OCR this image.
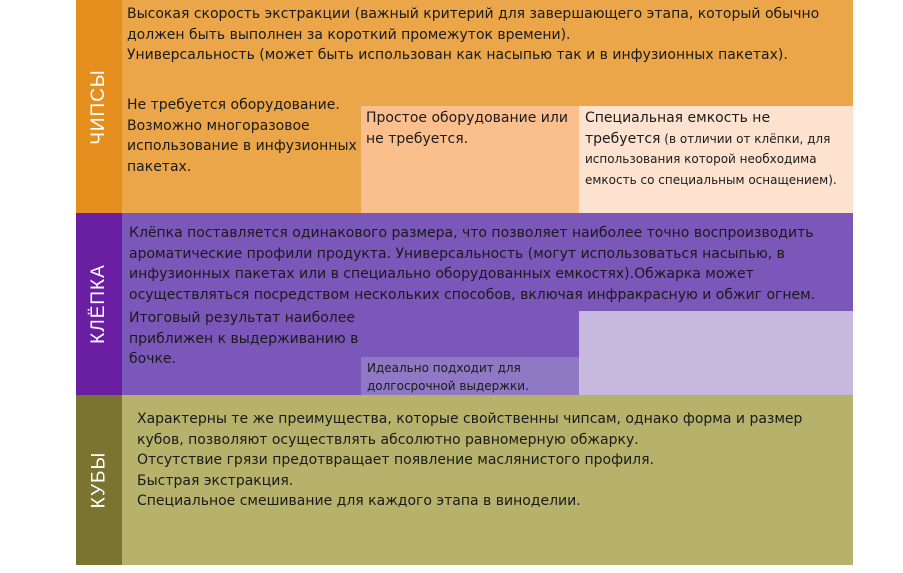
ЧИПСЫ

Высокая скорость экстракции (важный критерий для завершающего этапа, который обычно должен быть выполнен за короткий промежуток времени).

Универсальность (может быть использован как насыпью так и в инфузионных пакетах).

Не требуется оборудование. Возможно многоразовое использование в инфузионных пакетах.
Простое оборудование или не требуется.
Специальная емкость не требуется (в отличии от клёпки, для использования которой необходима емкость со специальным оснащением).
КЛЁПКА
Клёпка поставляется одинакового размера, что позволяет наиболее точно воспроизводить ароматические профили продукта. Универсальность (могут использоваться насыпью, в инфузионных пакетах или в специально оборудованных емкостях).Обжарка может осуществляться посредством нескольких способов, включая инфракрасную и обжиг огнем.
Итоговый результат наиболее приближен к выдерживанию в бочке.
Идеально подходит для долгосрочной выдержки.
КУБЫ

Характерны те же преимущества, которые свойственны чипсам, однако форма и размер кубов, позволяют осуществлять абсолютно равномерную обжарку.

Отсутствие грязи предотвращает появление маслянистого профиля.

Быстрая экстракция.

Специальное смешивание для каждого этапа в виноделии.
